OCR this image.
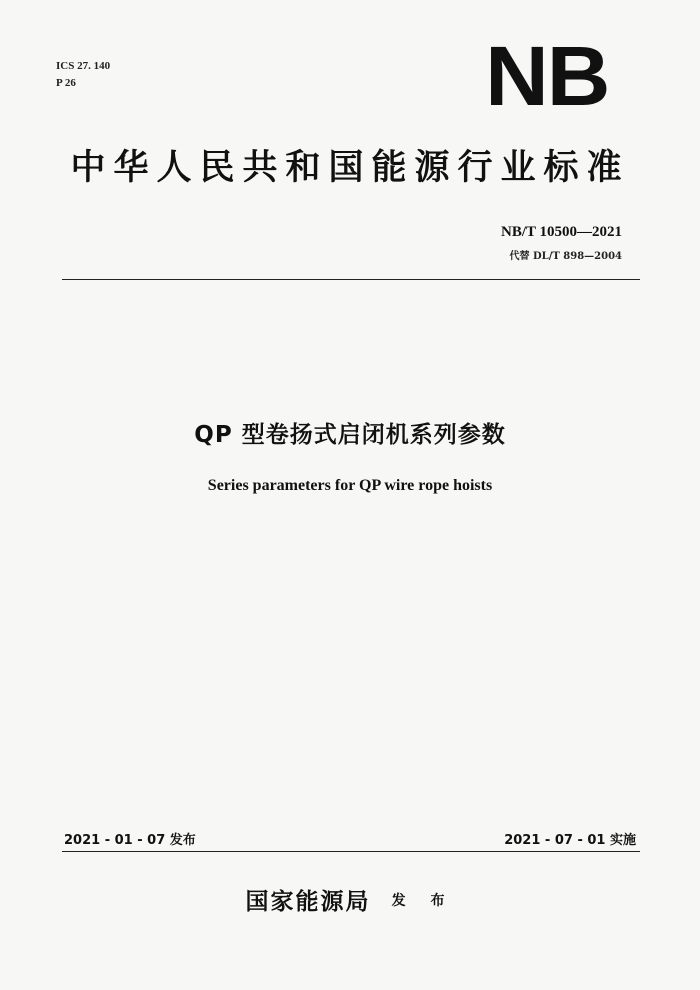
ICS 27. 140
P 26	NB
中华人民共和国能源行业标准
NB/T 10500—2021
代替 DL/T 898—2004
QP 型卷扬式启闭机系列参数
Series parameters for QP wire rope hoists
2021 - 01 - 07 发布	2021 - 07 - 01 实施
国家能源局 发 布
